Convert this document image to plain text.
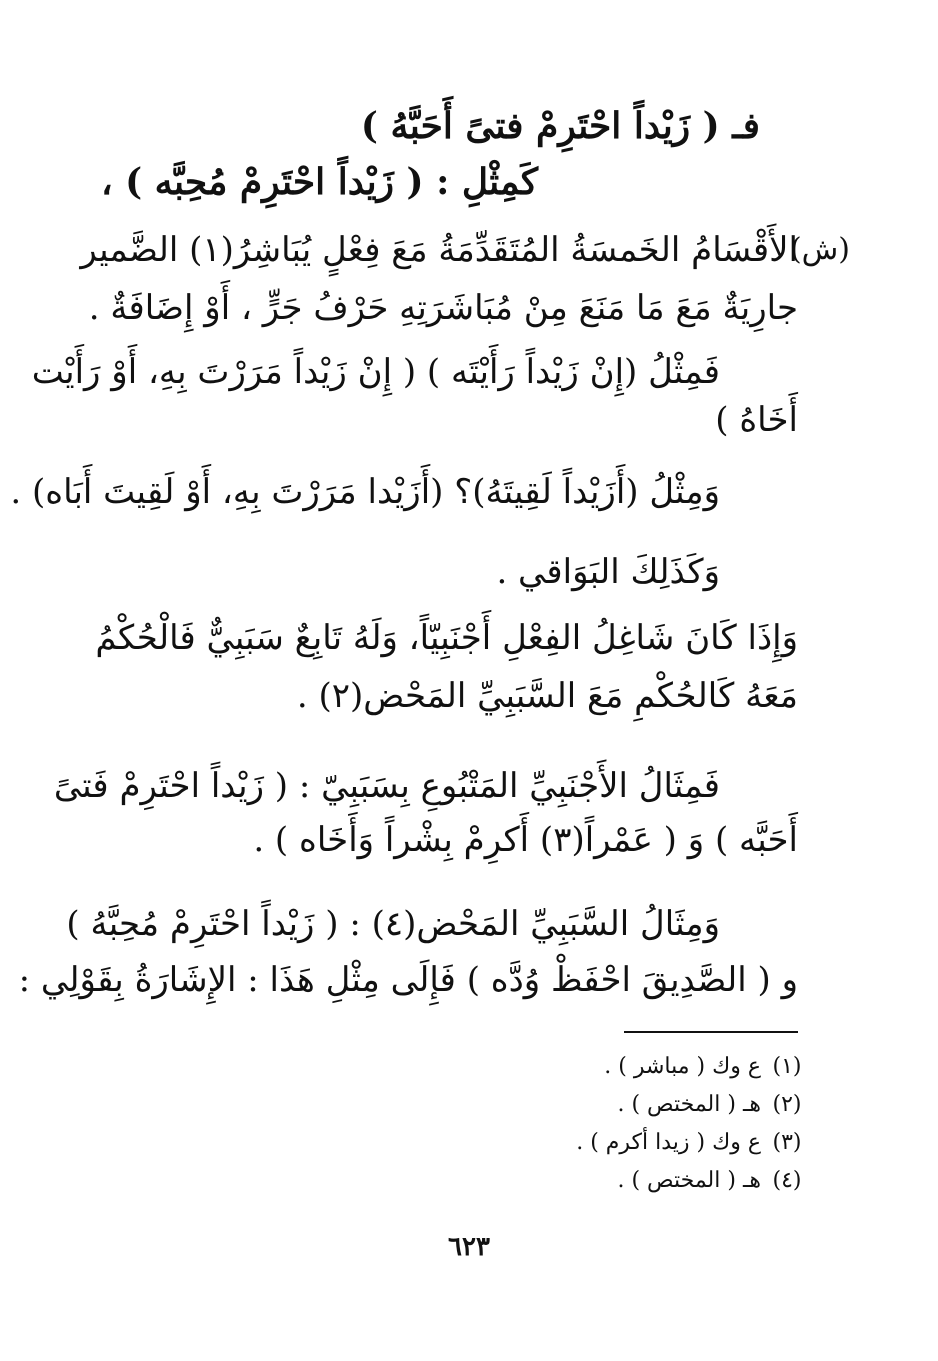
فـ ( زَيْداً احْتَرِمْ فتىً أَحَبَّهُ )
كَمِثْلِ : ( زَيْداً احْتَرِمْ مُحِبَّه ) ،
(ش)
الأَقْسَامُ الخَمسَةُ المُتَقَدِّمَةُ مَعَ فِعْلٍ يُبَاشِرُ(١) الضَّمير
جارِيَةٌ مَعَ مَا مَنَعَ مِنْ مُبَاشَرَتِهِ حَرْفُ جَرٍّ ، أَوْ إِضَافَةٌ .
فَمِثْلُ (إِنْ زَيْداً رَأَيْتَه ) ( إِنْ زَيْداً مَرَرْتَ بِهِ، أَوْ رَأَيْت
أَخَاهُ )
وَمِثْلُ (أَزَيْداً لَقِيتَهُ)؟ (أَزَيْدا مَرَرْتَ بِهِ، أَوْ لَقِيتَ أَبَاه) .
وَكَذَلِكَ البَوَاقي .
وَإِذَا كَانَ شَاغِلُ الفِعْلِ أَجْنَبِيّاً، وَلَهُ تَابِعٌ سَبَبِيٌّ فَالْحُكْمُ
مَعَهُ كَالحُكْمِ مَعَ السَّبَبِيِّ المَحْض(٢) .
فَمِثَالُ الأَجْنَبِيِّ المَتْبُوعِ بِسَبَبِيّ : ( زَيْداً احْتَرِمْ فَتىً
أَحَبَّه ) وَ ( عَمْراً(٣) أَكرِمْ بِشْراً وَأَخَاه ) .
وَمِثَالُ السَّبَبِيِّ المَحْض(٤) : ( زَيْداً احْتَرِمْ مُحِبَّهُ )
و ( الصَّدِيقَ احْفَظْ وُدَّه ) فَإِلَى مِثْلِ هَذَا : الإِشَارَةُ بِقَوْلِي :
(١) ع وك ( مباشر ) .
(٢) هـ ( المختص ) .
(٣) ع وك ( زيدا أكرم ) .
(٤) هـ ( المختص ) .
٦٢٣
